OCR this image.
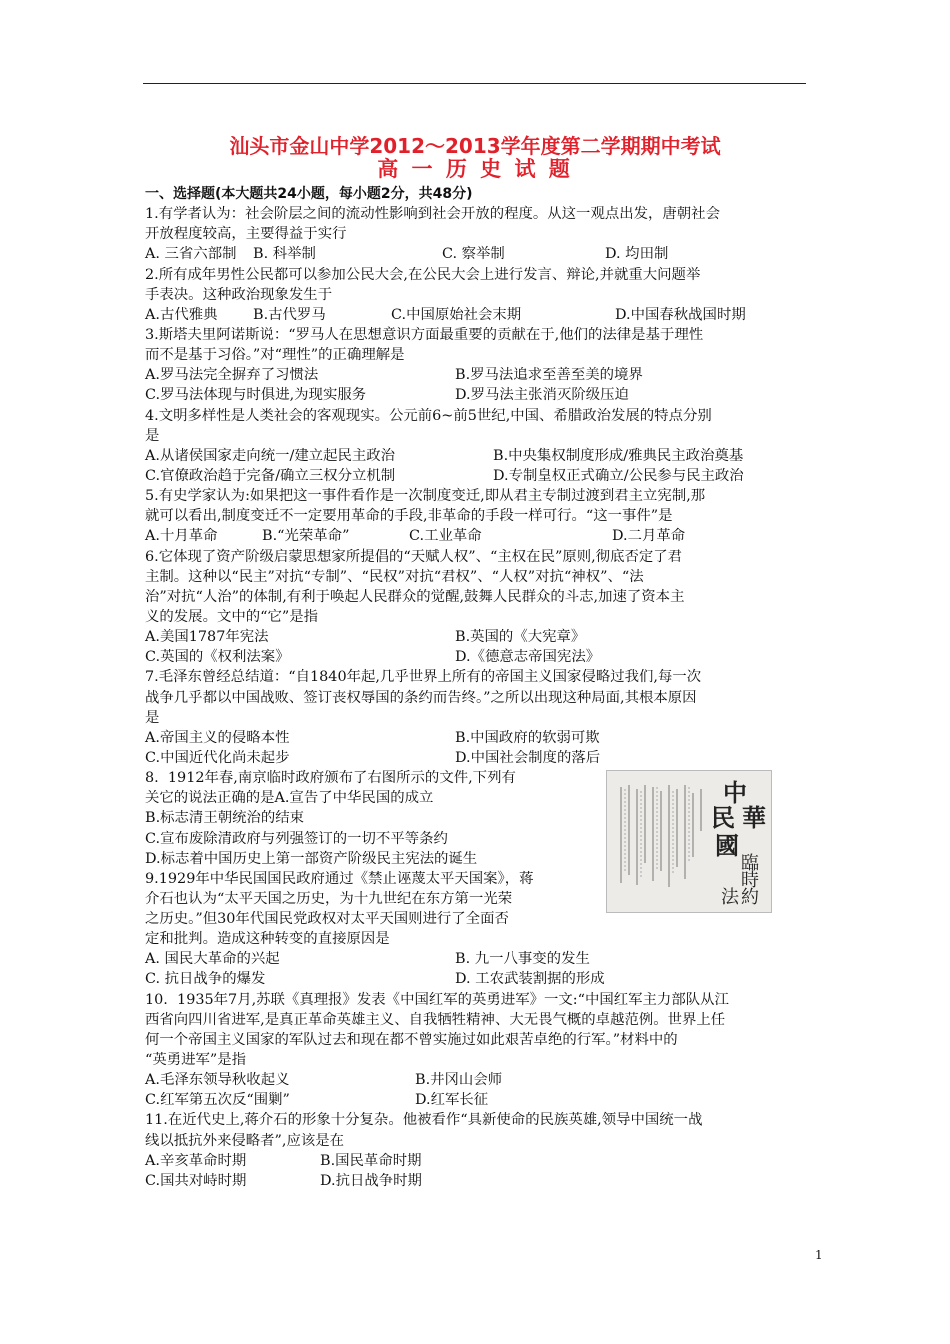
汕头市金山中学2012～2013学年度第二学期期中考试
高 一 历 史 试 题
一、选择题(本大题共24小题，每小题2分，共48分)
1.有学者认为：社会阶层之间的流动性影响到社会开放的程度。从这一观点出发，唐朝社会
开放程度较高，主要得益于实行
A. 三省六部制 B. 科举制	C. 察举制	D. 均田制
2.所有成年男性公民都可以参加公民大会,在公民大会上进行发言、辩论,并就重大问题举
手表决。这种政治现象发生于
A.古代雅典 B.古代罗马	C.中国原始社会末期	D.中国春秋战国时期
3.斯塔夫里阿诺斯说：“罗马人在思想意识方面最重要的贡献在于,他们的法律是基于理性
而不是基于习俗。”对“理性”的正确理解是
A.罗马法完全摒弃了习惯法	B.罗马法追求至善至美的境界
C.罗马法体现与时俱进,为现实服务	D.罗马法主张消灭阶级压迫
4.文明多样性是人类社会的客观现实。公元前6~前5世纪,中国、希腊政治发展的特点分别
是
A.从诸侯国家走向统一/建立起民主政治	B.中央集权制度形成/雅典民主政治奠基
C.官僚政治趋于完备/确立三权分立机制	D.专制皇权正式确立/公民参与民主政治
5.有史学家认为:如果把这一事件看作是一次制度变迁,即从君主专制过渡到君主立宪制,那
就可以看出,制度变迁不一定要用革命的手段,非革命的手段一样可行。“这一事件”是
A.十月革命	B.“光荣革命”	C.工业革命	D.二月革命
6.它体现了资产阶级启蒙思想家所提倡的“天赋人权”、“主权在民”原则,彻底否定了君
主制。这种以“民主”对抗“专制”、“民权”对抗“君权”、“人权”对抗“神权”、“法
治”对抗“人治”的体制,有利于唤起人民群众的觉醒,鼓舞人民群众的斗志,加速了资本主
义的发展。文中的“它”是指
A.美国1787年宪法	B.英国的《大宪章》
C.英国的《权利法案》	D.《德意志帝国宪法》
7.毛泽东曾经总结道：“自1840年起,几乎世界上所有的帝国主义国家侵略过我们,每一次
战争几乎都以中国战败、签订丧权辱国的条约而告终。”之所以出现这种局面,其根本原因
是
A.帝国主义的侵略本性	B.中国政府的软弱可欺
C.中国近代化尚未起步	D.中国社会制度的落后
8.  1912年春,南京临时政府颁布了右图所示的文件,下列有
关它的说法正确的是A.宣告了中华民国的成立
B.标志清王朝统治的结束
C.宣布废除清政府与列强签订的一切不平等条约
D.标志着中国历史上第一部资产阶级民主宪法的诞生
9.1929年中华民国国民政府通过《禁止诬蔑太平天国案》，蒋
介石也认为“太平天国之历史，为十九世纪在东方第一光荣
之历史。”但30年代国民党政权对太平天国则进行了全面否
定和批判。造成这种转变的直接原因是
A. 国民大革命的兴起	B. 九一八事变的发生
C. 抗日战争的爆发	D. 工农武装割据的形成
10.  1935年7月,苏联《真理报》发表《中国红军的英勇进军》一文:“中国红军主力部队从江
西省向四川省进军,是真正革命英雄主义、自我牺牲精神、大无畏气概的卓越范例。世界上任
何一个帝国主义国家的军队过去和现在都不曾实施过如此艰苦卓绝的行军。”材料中的
“英勇进军”是指
A.毛泽东领导秋收起义	B.井冈山会师
C.红军第五次反“围剿”	D.红军长征
11.在近代史上,蒋介石的形象十分复杂。他被看作“具新使命的民族英雄,领导中国统一战
线以抵抗外来侵略者”,应该是在
A.辛亥革命时期	B.国民革命时期
C.国共对峙时期	D.抗日战争时期
中
華
民
國
臨
時
約
法
1
